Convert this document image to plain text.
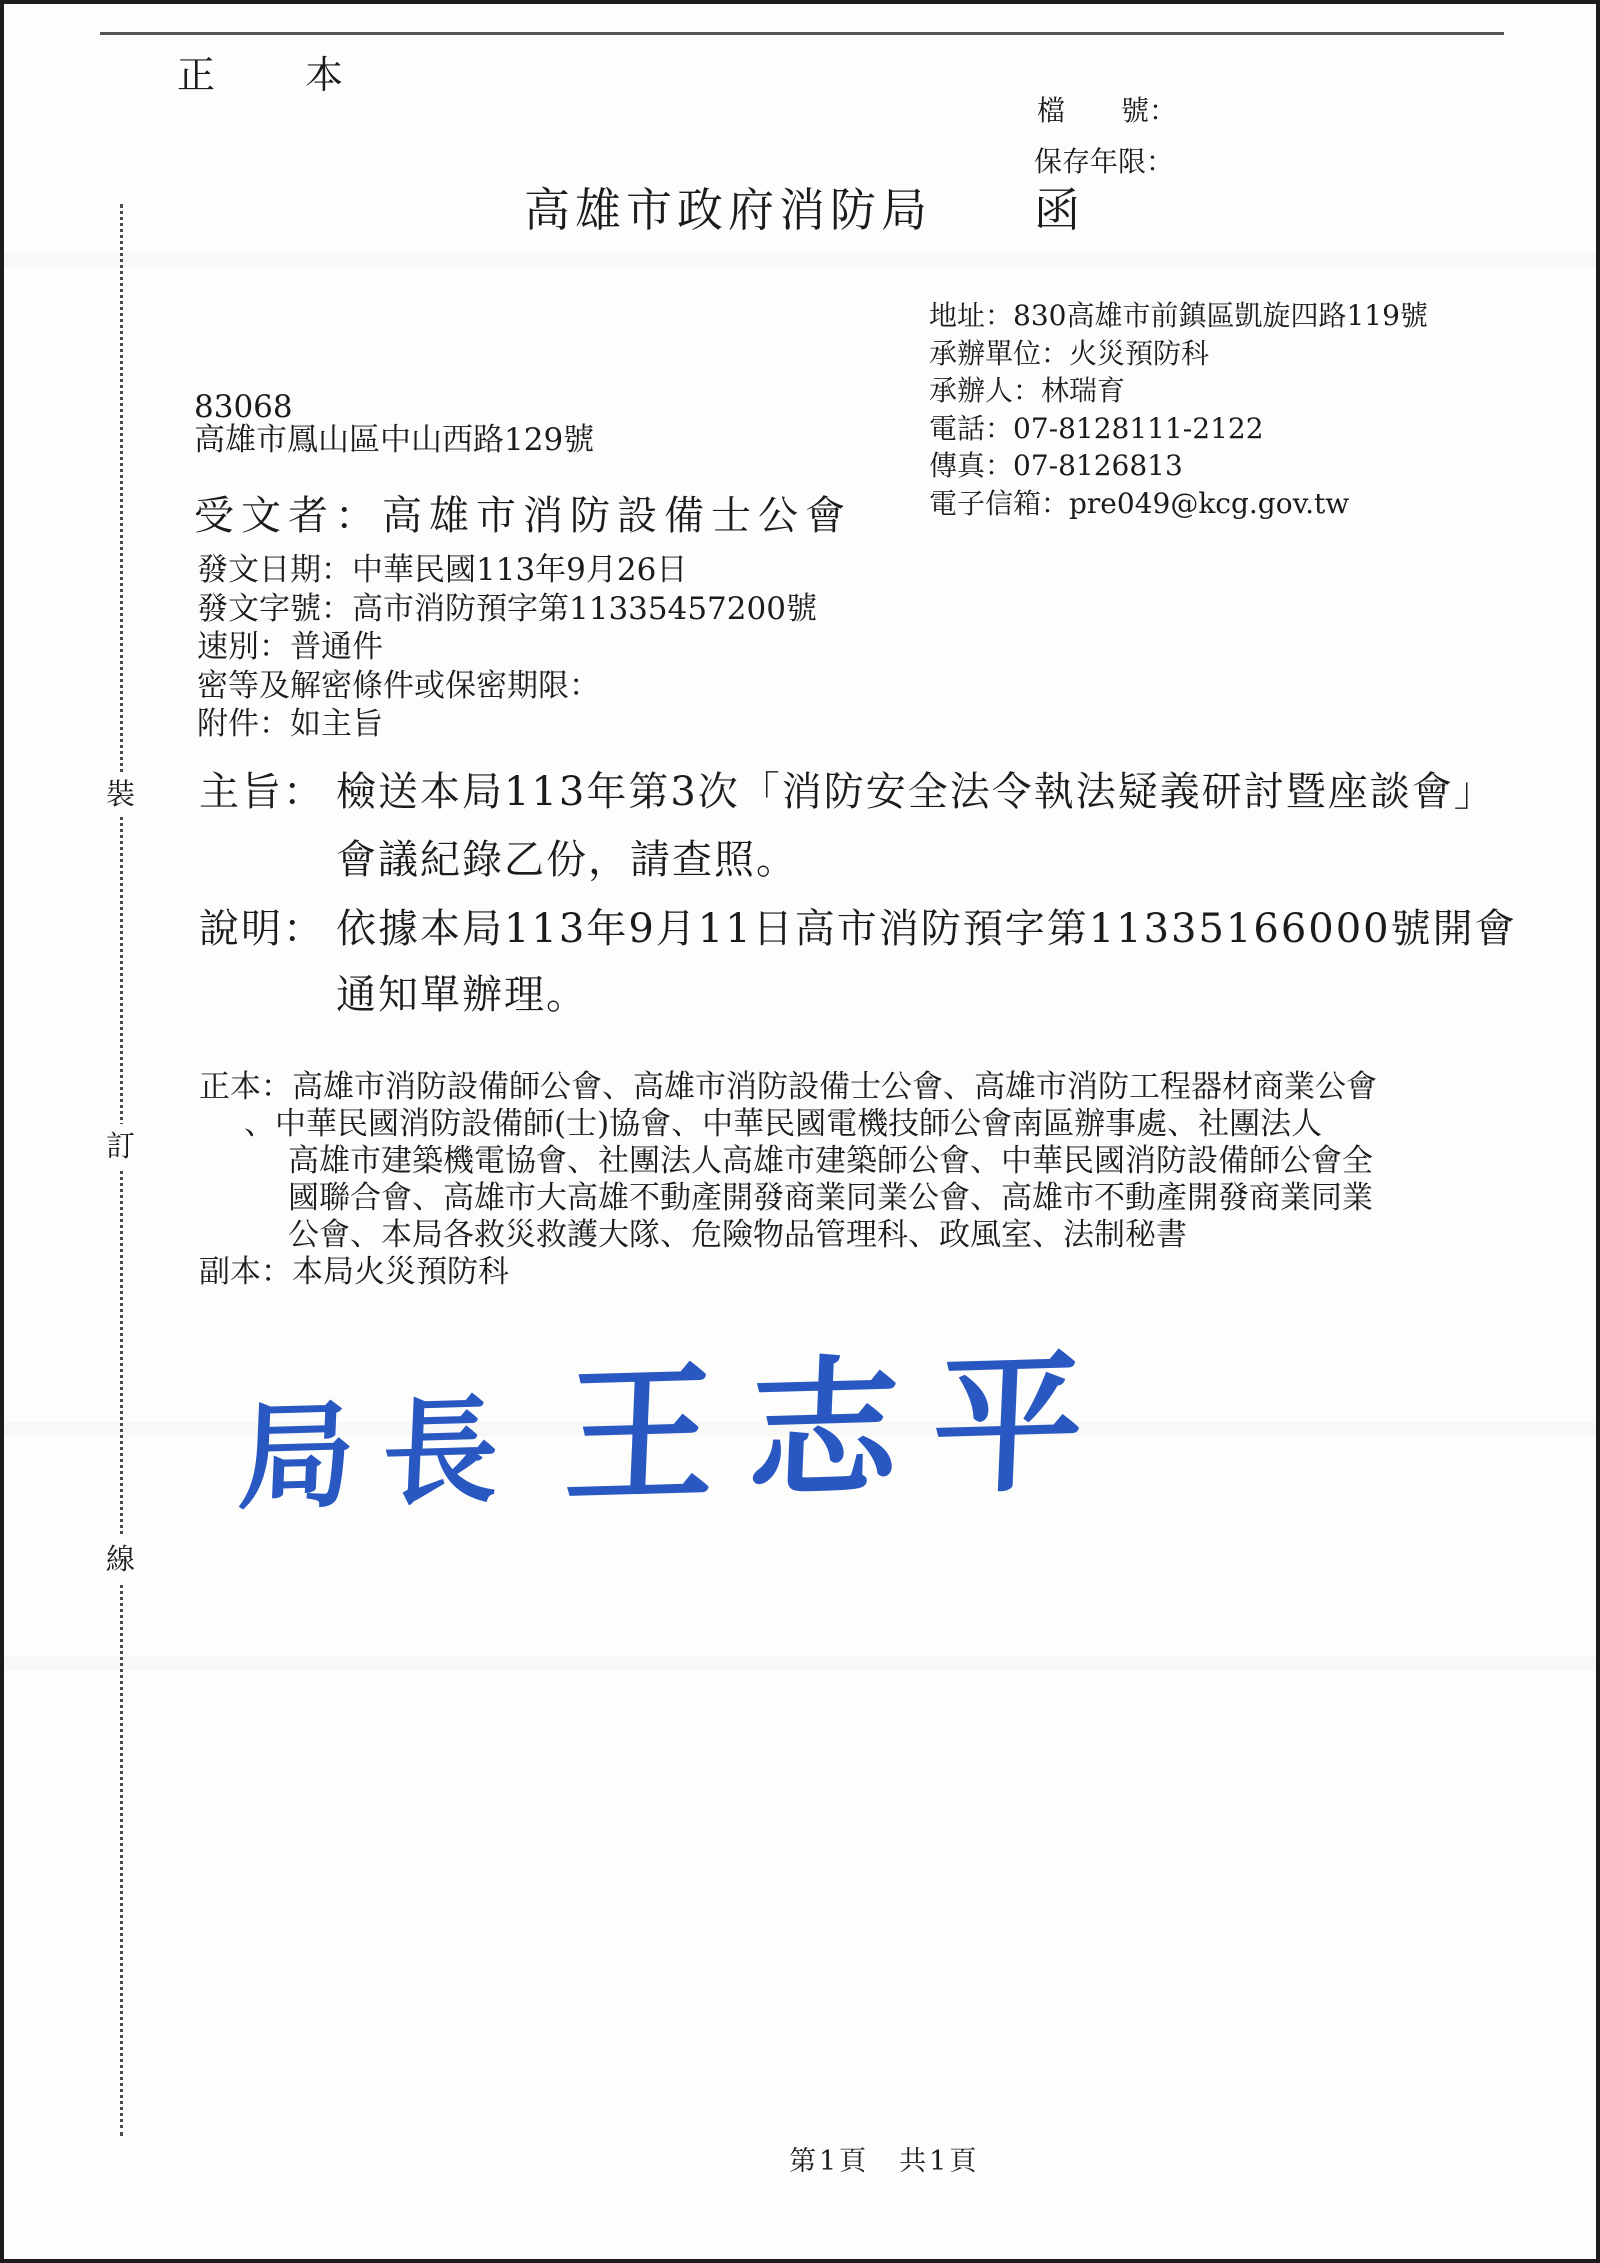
裝
訂
線
正　本
檔　　號：
保存年限：
高雄市政府消防局　　函
地址：830高雄市前鎮區凱旋四路119號
承辦單位：火災預防科
承辦人：林瑞育
電話：07-8128111-2122
傳真：07-8126813
電子信箱：pre049@kcg.gov.tw
83068
高雄市鳳山區中山西路129號
受文者：高雄市消防設備士公會
發文日期：中華民國113年9月26日
發文字號：高市消防預字第11335457200號
速別：普通件
密等及解密條件或保密期限：
附件：如主旨
主旨： 檢送本局113年第3次「消防安全法令執法疑義研討暨座談會」
會議紀錄乙份，請查照。
說明： 依據本局113年9月11日高市消防預字第11335166000號開會
通知單辦理。
正本： 高雄市消防設備師公會、高雄市消防設備士公會、高雄市消防工程器材商業公會
、中華民國消防設備師(士)協會、中華民國電機技師公會南區辦事處、社團法人
高雄市建築機電協會、社團法人高雄市建築師公會、中華民國消防設備師公會全
國聯合會、高雄市大高雄不動產開發商業同業公會、高雄市不動產開發商業同業
公會、本局各救災救護大隊、危險物品管理科、政風室、法制秘書
副本：本局火災預防科
局長 王志平
第1頁　共1頁
